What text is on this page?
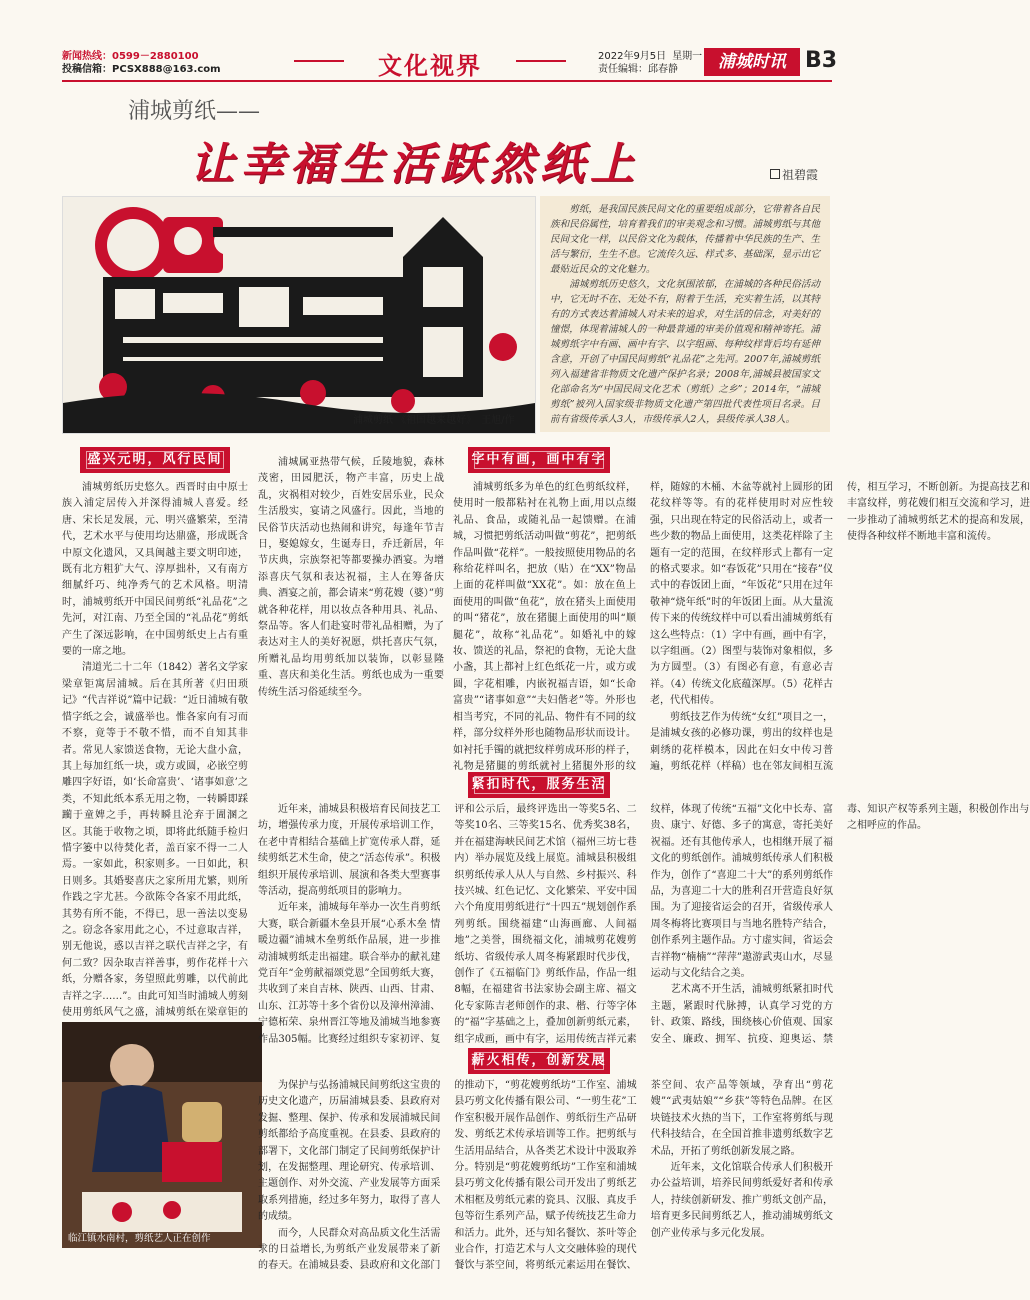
新闻热线：0599－2880100
投稿信箱：PCSX888@163.com	文化视界	2022年9月5日 星期一
责任编辑：邱春静	浦城时讯 B3
浦城剪纸——
让幸福生活跃然纸上	祖碧霞
浦城剪纸 《祖国越来越好》　王旭/作

剪纸，是我国民族民间文化的重要组成部分，它带着各自民族和民俗属性，培育着我们的审美观念和习惯。浦城剪纸与其他民间文化一样，以民俗文化为载体，传播着中华民族的生产、生活与繁衍，生生不息。它流传久远、样式多、基础深，显示出它最贴近民众的文化魅力。

浦城剪纸历史悠久，文化氛围浓郁，在浦城的各种民俗活动中，它无时不在、无处不有，附着于生活，充实着生活，以其特有的方式表达着浦城人对未来的追求，对生活的信念，对美好的憧憬，体现着浦城人的一种最普通的审美价值观和精神寄托。浦城剪纸字中有画、画中有字、以字组画、每种纹样背后均有延伸含意，开创了中国民间剪纸“礼品花”之先河。2007年,浦城剪纸列入福建省非物质文化遗产保护名录；2008年,浦城县被国家文化部命名为“中国民间文化艺术（剪纸）之乡”；2014年，“浦城剪纸”被列入国家级非物质文化遗产第四批代表性项目名录。目前有省级传承人3人，市级传承人2人，县级传承人38人。

盛兴元明，风行民间

浦城剪纸历史悠久。西晋时由中原士族入浦定居传入并深得浦城人喜爱。经唐、宋长足发展，元、明兴盛繁荣，至清代，艺术水平与使用均达鼎盛，形成既含中原文化遗风，又具闽越主要文明印迹，既有北方粗犷大气、淳厚拙朴，又有南方细腻纤巧、纯净秀气的艺术风格。明清时，浦城剪纸开中国民间剪纸“礼品花”之先河，对江南、乃至全国的“礼品花”剪纸产生了深远影响，在中国剪纸史上占有重要的一席之地。

清道光二十二年（1842）著名文学家梁章钜寓居浦城。后在其所著《归田琐记》“代吉祥说”篇中记载：“近日浦城有敬惜字纸之会，诚盛举也。惟各家向有习而不察，竟等于不敬不惜，而不自知其非者。常见人家馈送食物，无论大盘小盒，其上每加红纸一块，或方或圆，必嵌空剪雕四字好语，如‘长命富贵’、‘诸事如意’之类，不知此纸本系无用之物，一转瞬即踩躏于童婢之手，再转瞬且沦弃于圊溷之区。其能于收物之顷，即将此纸随手检归惜字篓中以待焚化者，盖百家不得一二人焉。一家如此，积家则多。一日如此，积日则多。其婚娶喜庆之家所用尤繁，则所作践之字尤甚。今欲陈令各家不用此纸，其势有所不能，不得已，思一善法以变易之。窃念各家用此之心，不过意取吉祥，别无他说，惑以吉祥之联代吉祥之字，有何二致？因杂取吉祥善事，剪作花样十六纸，分赠各家，务望照此剪雕，以代前此吉祥之字……”。由此可知当时浦城人剪刻使用剪纸风气之盛，浦城剪纸在梁章钜的

临江镇水南村，剪纸艺人正在创作
字中有画，画中有字

浦城属亚热带气候，丘陵地貌，森林茂密，田园肥沃，物产丰富，历史上战乱，灾祸相对较少，百姓安居乐业，民众生活殷实，宴请之风盛行。因此，当地的民俗节庆活动也热闹和讲究，每逢年节吉日，娶媳嫁女，生诞寿日，乔迁新居，年节庆典，宗族祭祀等都要操办酒宴。为增添喜庆气氛和表达祝福，主人在筹备庆典、酒宴之前，都会请来“剪花嫂（婆）”剪就各种花样，用以妆点各种用具、礼品、祭品等。客人们赴宴时带礼品相赠，为了表达对主人的美好祝愿，烘托喜庆气氛，所赠礼品均用剪纸加以装饰，以彰显隆重、喜庆和美化生活。剪纸也成为一重要传统生活习俗延续至今。

浦城剪纸多为单色的红色剪纸纹样，使用时一般都粘衬在礼物上面,用以点缀礼品、食品，或随礼品一起馈赠。在浦城，习惯把剪纸活动叫做“剪花”，把剪纸作品叫做“花样”。一般按照使用物品的名称给花样叫名，把放（贴）在“XX”物品上面的花样叫做“XX花”。如：放在鱼上面使用的叫做“鱼花”，放在猪头上面使用的叫“猪花”，放在猪腿上面使用的叫“顺腿花”，故称“礼品花”。如婚礼中的嫁妆、馈送的礼品，祭祀的食物，无论大盘小盏，其上都衬上红色纸花一片，或方或圆，字花相雕，内嵌祝福吉语，如“长命富贵”“诸事如意”“夫妇偕老”等。外形也相当考究，不同的礼品、物件有不同的纹样，部分纹样外形也随物品形状而设计。如衬托手镯的就把纹样剪成环形的样子，礼物是猪腿的剪纸就衬上猪腿外形的纹样，随嫁的木桶、木盆等就衬上圆形的团花纹样等等。有的花样使用时对应性较强，只出现在特定的民俗活动上，或者一些少数的物品上面使用，这类花样除了主题有一定的范围，在纹样形式上都有一定的格式要求。如“春饭花”只用在“接春”仪式中的春饭团上面，“年饭花”只用在过年敬神“烧年纸”时的年饭团上面。从大量流传下来的传统纹样中可以看出浦城剪纸有这么些特点：（1）字中有画，画中有字，以字组画。（2）图型与装饰对象相似，多为方圆型。（3）有图必有意，有意必吉祥。（4）传统文化底蕴深厚。（5）花样古老，代代相传。

剪纸技艺作为传统“女红”项目之一，是浦城女孩的必修功课，剪出的纹样也是刺绣的花样模本，因此在妇女中传习普遍，剪纸花样（样稿）也在邻友间相互流传，相互学习，不断创新。为提高技艺和丰富纹样，剪花嫂们相互交流和学习，进一步推动了浦城剪纸艺术的提高和发展，使得各种纹样不断地丰富和流传。

紧扣时代，服务生活

近年来，浦城县积极培育民间技艺工坊，增强传承力度，开展传承培训工作，在老中青相结合基础上扩宽传承人群，延续剪纸艺术生命，使之“活态传承”。积极组织开展传承培训、展演和各类大型赛事等活动，提高剪纸项目的影响力。

近年来，浦城每年举办一次生肖剪纸大赛，联合新疆木垒县开展“心系木垒 情暖边疆”浦城木垒剪纸作品展，进一步推动浦城剪纸走出福建。联合举办的献礼建党百年“金剪献福颂党恩”全国剪纸大赛，共收到了来自吉林、陕西、山西、甘肃、山东、江苏等十多个省份以及漳州漳浦、宁德柘荣、泉州晋江等地及浦城当地参赛作品305幅。比赛经过组织专家初评、复评和公示后，最终评选出一等奖5名、二等奖10名、三等奖15名、优秀奖38名，并在福建海峡民间艺术馆（福州三坊七巷内）举办展览及线上展览。浦城县积极组织剪纸传承人从人与自然、乡村振兴、科技兴城、红色记忆、文化繁荣、平安中国六个角度用剪纸进行“十四五”规划创作系列剪纸。围绕福建“山海画廊、人间福地”之美誉，围绕福文化，浦城剪花嫂剪纸坊、省级传承人周冬梅紧跟时代步伐，创作了《五福临门》剪纸作品，作品一组8幅，在福建省书法家协会副主席、福文化专家陈吉老师创作的隶、楷、行等字体的“福”字基础之上，叠加创新剪纸元素，组字成画，画中有字，运用传统吉祥元素纹样，体现了传统“五福”文化中长寿、富贵、康宁、好德、多子的寓意，寄托美好祝福。还有其他传承人，也相继开展了福文化的剪纸创作。浦城剪纸传承人们积极作为，创作了“喜迎二十大”的系列剪纸作品，为喜迎二十大的胜利召开营造良好氛围。为了迎接省运会的召开，省级传承人周冬梅将比赛项目与当地名胜特产结合，创作系列主题作品。方寸虚实间，省运会吉祥物“楠楠”“萍萍”遨游武夷山水，尽显运动与文化结合之美。

艺术离不开生活，浦城剪纸紧扣时代主题，紧跟时代脉搏，认真学习党的方针、政策、路线，围绕核心价值观、国家安全、廉政、拥军、抗疫、迎奥运、禁毒、知识产权等系列主题，积极创作出与之相呼应的作品。

薪火相传，创新发展

为保护与弘扬浦城民间剪纸这宝贵的历史文化遗产，历届浦城县委、县政府对发掘、整理、保护、传承和发展浦城民间剪纸都给予高度重视。在县委、县政府的部署下，文化部门制定了民间剪纸保护计划，在发掘整理、理论研究、传承培训、主题创作、对外交流、产业发展等方面采取系列措施，经过多年努力，取得了喜人的成绩。

而今，人民群众对高品质文化生活需求的日益增长,为剪纸产业发展带来了新的春天。在浦城县委、县政府和文化部门的推动下，“剪花嫂剪纸坊”工作室、浦城县巧剪文化传播有限公司、“一剪生花”工作室积极开展作品创作、剪纸衍生产品研发、剪纸艺术传承培训等工作。把剪纸与生活用品结合，从各类艺术设计中汲取养分。特别是“剪花嫂剪纸坊”工作室和浦城县巧剪文化传播有限公司开发出了剪纸艺术相框及剪纸元素的瓷具、汉服、真皮手包等衍生系列产品，赋予传统技艺生命力和活力。此外，还与知名餐饮、茶叶等企业合作，打造艺术与人文交融体验的现代餐饮与茶空间，将剪纸元素运用在餐饮、茶空间、农产品等领域，孕育出“剪花嫂”“武夷姑娘”“乡获”等特色品牌。在区块链技术火热的当下，工作室将剪纸与现代科技结合，在全国首推非遗剪纸数字艺术品，开拓了剪纸创新发展之路。

近年来，文化馆联合传承人们积极开办公益培训，培养民间剪纸爱好者和传承人，持续创新研发、推广剪纸文创产品，培育更多民间剪纸艺人，推动浦城剪纸文创产业传承与多元化发展。
